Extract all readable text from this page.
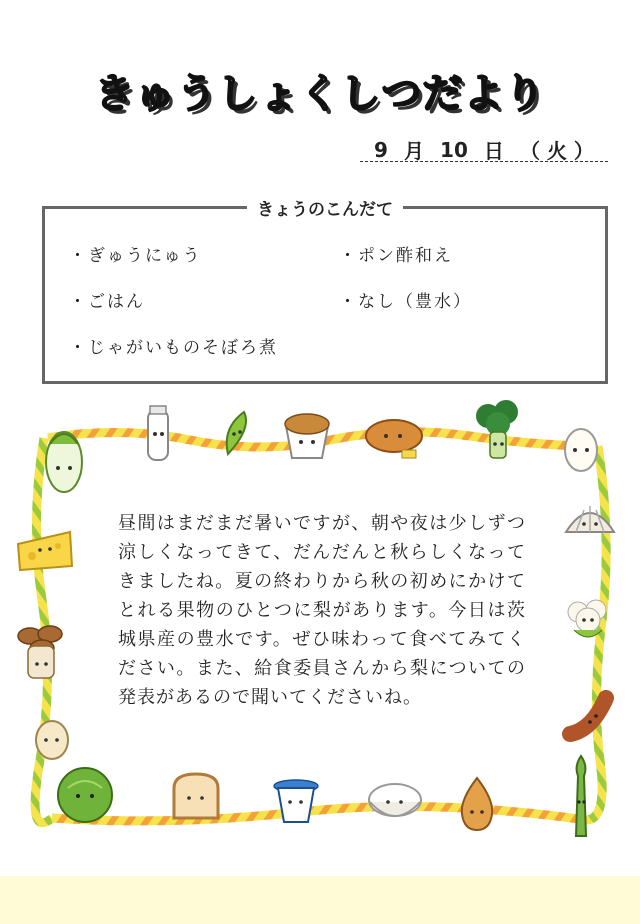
きゅうしょくしつだより
9 月 10 日 （ 火 ）
きょうのこんだて
・ぎゅうにゅう
・ごはん
・じゃがいものそぼろ煮
・ポン酢和え
・なし（豊水）
昼間はまだまだ暑いですが、朝や夜は少しずつ涼しくなってきて、だんだんと秋らしくなってきましたね。夏の終わりから秋の初めにかけてとれる果物のひとつに梨があります。今日は茨城県産の豊水です。ぜひ味わって食べてみてください。また、給食委員さんから梨についての発表があるので聞いてくださいね。
